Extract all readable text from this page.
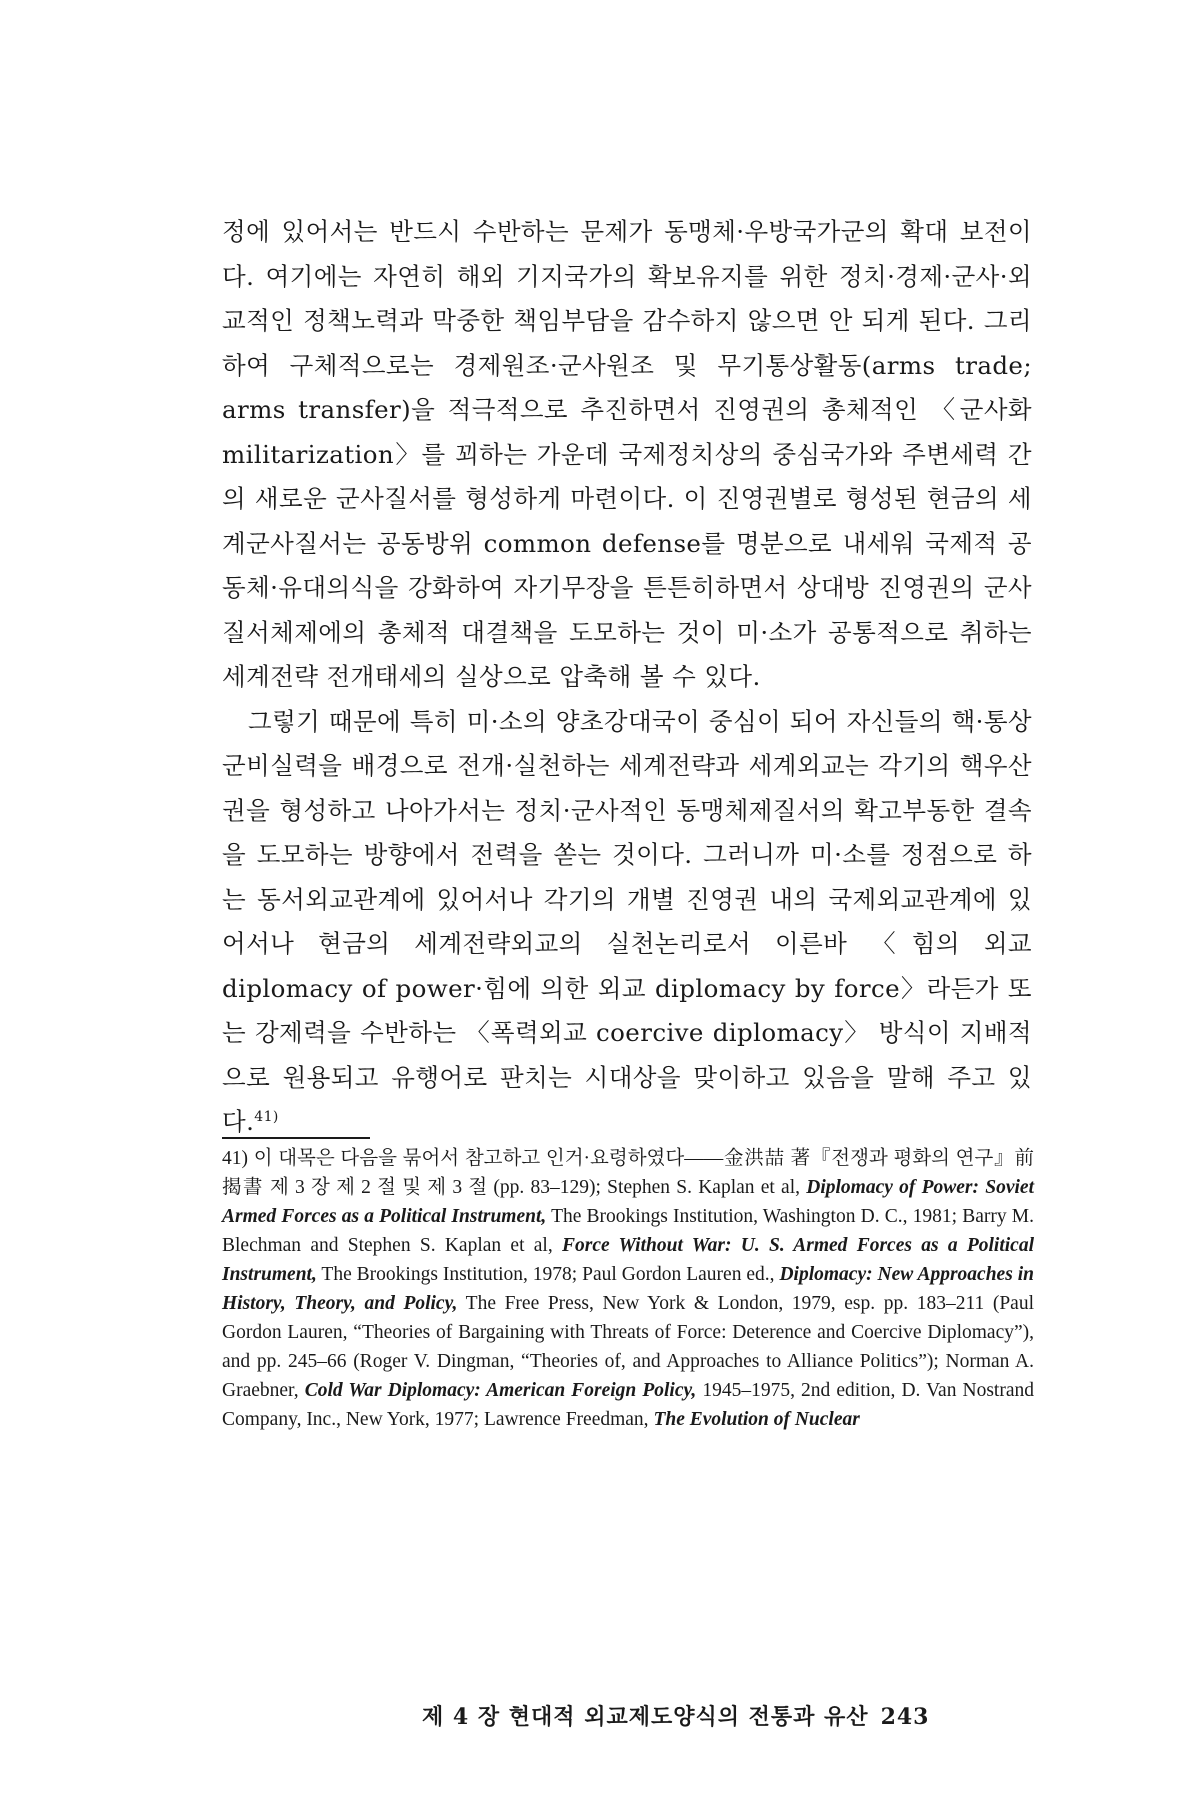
정에 있어서는 반드시 수반하는 문제가 동맹체·우방국가군의 확대 보전이다. 여기에는 자연히 해외 기지국가의 확보유지를 위한 정치·경제·군사·외교적인 정책노력과 막중한 책임부담을 감수하지 않으면 안 되게 된다. 그리하여 구체적으로는 경제원조·군사원조 및 무기통상활동(arms trade; arms transfer)을 적극적으로 추진하면서 진영권의 총체적인 〈군사화 militarization〉를 꾀하는 가운데 국제정치상의 중심국가와 주변세력 간의 새로운 군사질서를 형성하게 마련이다. 이 진영권별로 형성된 현금의 세계군사질서는 공동방위 common defense를 명분으로 내세워 국제적 공동체·유대의식을 강화하여 자기무장을 튼튼히하면서 상대방 진영권의 군사질서체제에의 총체적 대결책을 도모하는 것이 미·소가 공통적으로 취하는 세계전략 전개태세의 실상으로 압축해 볼 수 있다.

그렇기 때문에 특히 미·소의 양초강대국이 중심이 되어 자신들의 핵·통상군비실력을 배경으로 전개·실천하는 세계전략과 세계외교는 각기의 핵우산권을 형성하고 나아가서는 정치·군사적인 동맹체제질서의 확고부동한 결속을 도모하는 방향에서 전력을 쏟는 것이다. 그러니까 미·소를 정점으로 하는 동서외교관계에 있어서나 각기의 개별 진영권 내의 국제외교관계에 있어서나 현금의 세계전략외교의 실천논리로서 이른바 〈힘의 외교 diplomacy of power·힘에 의한 외교 diplomacy by force〉라든가 또는 강제력을 수반하는 〈폭력외교 coercive diplomacy〉 방식이 지배적으로 원용되고 유행어로 판치는 시대상을 맞이하고 있음을 말해 주고 있다.$^{41)}$

41) 이 대목은 다음을 묶어서 참고하고 인거·요령하였다——金洪喆 著『전쟁과 평화의 연구』前揭書 제 3 장 제 2 절 및 제 3 절 (pp. 83–129); Stephen S. Kaplan et al, Diplomacy of Power: Soviet Armed Forces as a Political Instrument, The Brookings Institution, Washington D. C., 1981; Barry M. Blechman and Stephen S. Kaplan et al, Force Without War: U. S. Armed Forces as a Political Instrument, The Brookings Institution, 1978; Paul Gordon Lauren ed., Diplomacy: New Approaches in History, Theory, and Policy, The Free Press, New York & London, 1979, esp. pp. 183–211 (Paul Gordon Lauren, “Theories of Bargaining with Threats of Force: Deterence and Coercive Diplomacy”), and pp. 245–66 (Roger V. Dingman, “Theories of, and Approaches to Alliance Politics”); Norman A. Graebner, Cold War Diplomacy: American Foreign Policy, 1945–1975, 2nd edition, D. Van Nostrand Company, Inc., New York, 1977; Lawrence Freedman, The Evolution of Nuclear

제 4 장 현대적 외교제도양식의 전통과 유산 243
